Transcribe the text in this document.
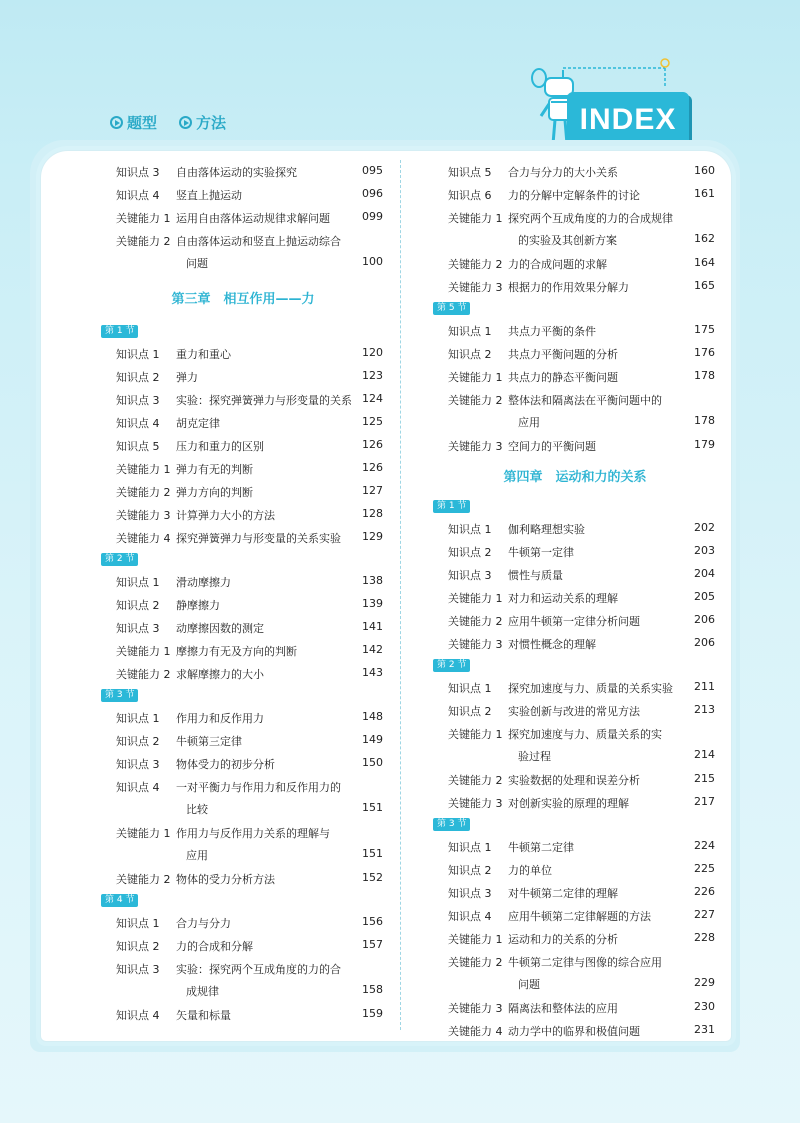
题型	方法	INDEX
知识点 3	自由落体运动的实验探究	095
知识点 4	竖直上抛运动	096
关键能力 1 运用自由落体运动规律求解问题	099
关键能力 2 自由落体运动和竖直上抛运动综合
问题	100
第三章　相互作用——力
第 1 节
知识点 1	重力和重心	120
知识点 2	弹力	123
知识点 3	实验：探究弹簧弹力与形变量的关系 124
知识点 4	胡克定律	125
知识点 5	压力和重力的区别	126
关键能力 1 弹力有无的判断	126
关键能力 2 弹力方向的判断	127
关键能力 3 计算弹力大小的方法	128
关键能力 4 探究弹簧弹力与形变量的关系实验 129
第 2 节
知识点 1	滑动摩擦力	138
知识点 2	静摩擦力	139
知识点 3	动摩擦因数的测定	141
关键能力 1 摩擦力有无及方向的判断	142
关键能力 2 求解摩擦力的大小	143
第 3 节
知识点 1	作用力和反作用力	148
知识点 2	牛顿第三定律	149
知识点 3	物体受力的初步分析	150
知识点 4	一对平衡力与作用力和反作用力的
比较	151
关键能力 1 作用力与反作用力关系的理解与
应用	151
关键能力 2 物体的受力分析方法	152
第 4 节
知识点 1	合力与分力	156
知识点 2	力的合成和分解	157
知识点 3	实验：探究两个互成角度的力的合
成规律	158
知识点 4	矢量和标量	159
知识点 5	合力与分力的大小关系	160
知识点 6	力的分解中定解条件的讨论	161
关键能力 1 探究两个互成角度的力的合成规律
的实验及其创新方案	162
关键能力 2 力的合成问题的求解	164
关键能力 3 根据力的作用效果分解力	165
第 5 节
知识点 1	共点力平衡的条件	175
知识点 2	共点力平衡问题的分析	176
关键能力 1 共点力的静态平衡问题	178
关键能力 2 整体法和隔离法在平衡问题中的
应用	178
关键能力 3 空间力的平衡问题	179
第四章　运动和力的关系
第 1 节
知识点 1	伽利略理想实验	202
知识点 2	牛顿第一定律	203
知识点 3	惯性与质量	204
关键能力 1 对力和运动关系的理解	205
关键能力 2 应用牛顿第一定律分析问题	206
关键能力 3 对惯性概念的理解	206
第 2 节
知识点 1	探究加速度与力、质量的关系实验 211
知识点 2	实验创新与改进的常见方法	213
关键能力 1 探究加速度与力、质量关系的实
验过程	214
关键能力 2 实验数据的处理和误差分析	215
关键能力 3 对创新实验的原理的理解	217
第 3 节
知识点 1	牛顿第二定律	224
知识点 2	力的单位	225
知识点 3	对牛顿第二定律的理解	226
知识点 4	应用牛顿第二定律解题的方法	227
关键能力 1 运动和力的关系的分析	228
关键能力 2 牛顿第二定律与图像的综合应用
问题	229
关键能力 3 隔离法和整体法的应用	230
关键能力 4 动力学中的临界和极值问题	231
